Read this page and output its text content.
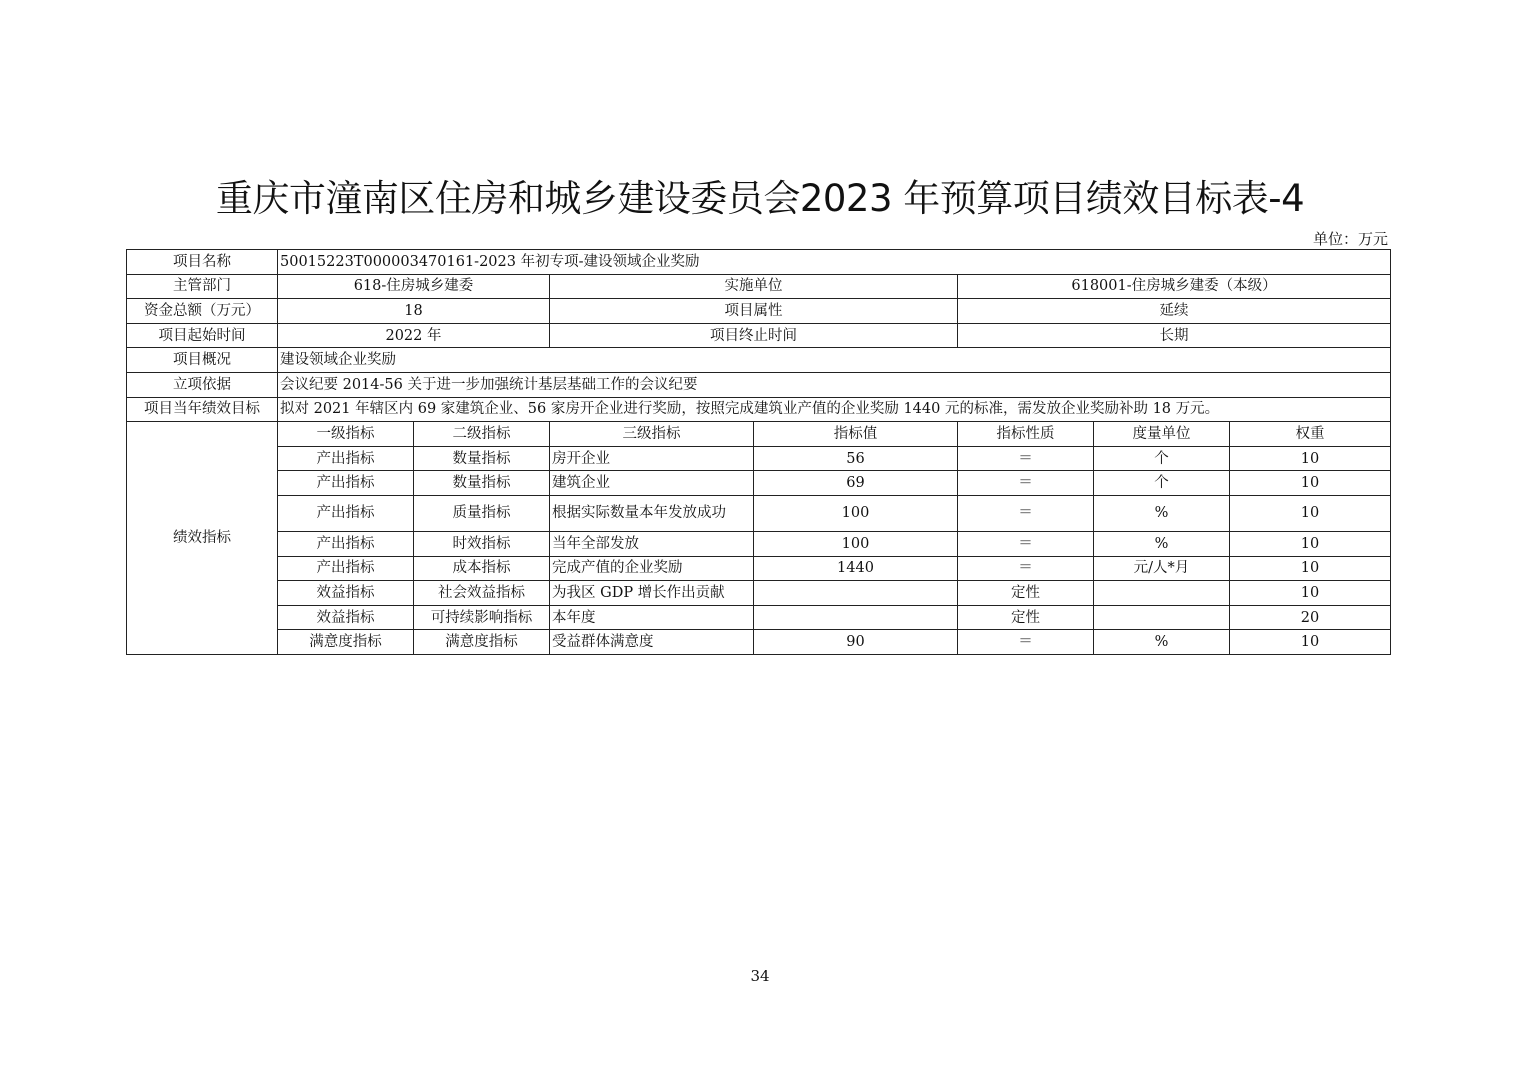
重庆市潼南区住房和城乡建设委员会2023 年预算项目绩效目标表-4
单位：万元
项目名称	50015223T000003470161-2023 年初专项-建设领域企业奖励						
主管部门	618-住房城乡建委		实施单位		618001-住房城乡建委（本级）		
资金总额（万元）	18		项目属性		延续		
项目起始时间	2022 年		项目终止时间		长期		
项目概况	建设领域企业奖励						
立项依据	会议纪要 2014-56 关于进一步加强统计基层基础工作的会议纪要						
项目当年绩效目标	拟对 2021 年辖区内 69 家建筑企业、56 家房开企业进行奖励，按照完成建筑业产值的企业奖励 1440 元的标准，需发放企业奖励补助 18 万元。						
绩效指标	一级指标	二级指标	三级指标	指标值	指标性质	度量单位	权重
	产出指标	数量指标	房开企业	56	＝	个	10
	产出指标	数量指标	建筑企业	69	＝	个	10
	产出指标	质量指标	根据实际数量本年发放成功	100	＝	%	10
	产出指标	时效指标	当年全部发放	100	＝	%	10
	产出指标	成本指标	完成产值的企业奖励	1440	＝	元/人*月	10
	效益指标	社会效益指标	为我区 GDP 增长作出贡献		定性		10
	效益指标	可持续影响指标	本年度		定性		20
	满意度指标	满意度指标	受益群体满意度	90	＝	%	10
34
